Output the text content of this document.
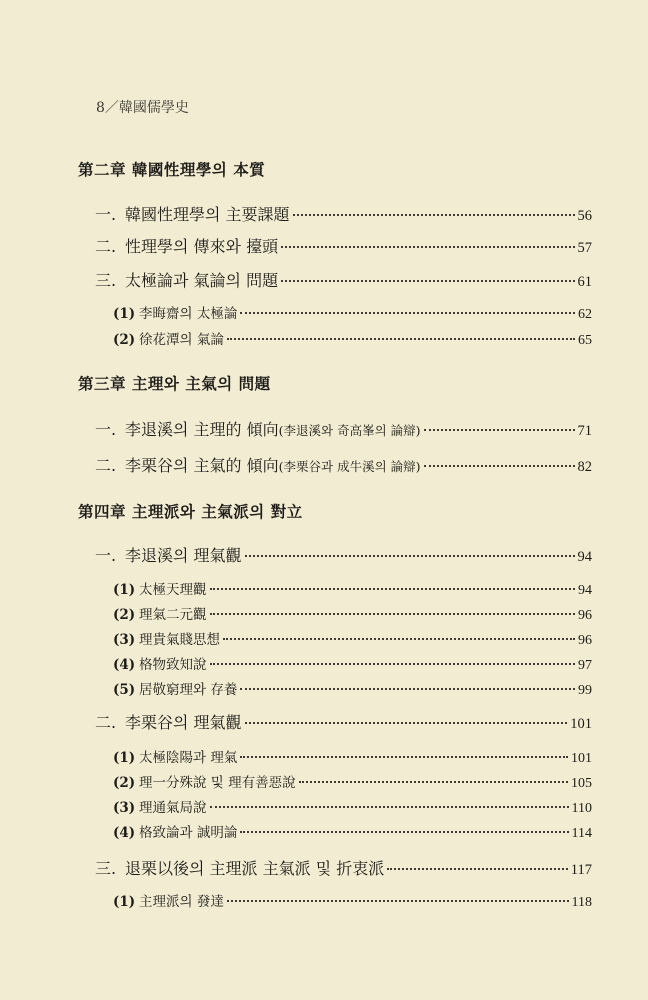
8／韓國儒學史
第二章 韓國性理學의 本質
一. 韓國性理學의 主要課題	56
二. 性理學의 傳來와 擡頭	57
三. 太極論과 氣論의 問題	61
(1) 李晦齋의 太極論	62
(2) 徐花潭의 氣論	65
第三章 主理와 主氣의 問題
一. 李退溪의 主理的 傾向(李退溪와 奇高峯의 論辯)	71
二. 李栗谷의 主氣的 傾向(李栗谷과 成牛溪의 論辯)	82
第四章 主理派와 主氣派의 對立
一. 李退溪의 理氣觀	94
(1) 太極天理觀	94
(2) 理氣二元觀	96
(3) 理貴氣賤思想	96
(4) 格物致知說	97
(5) 居敬窮理와 存養	99
二. 李栗谷의 理氣觀	101
(1) 太極陰陽과 理氣	101
(2) 理一分殊說 및 理有善惡說	105
(3) 理通氣局說	110
(4) 格致論과 誠明論	114
三. 退栗以後의 主理派 主氣派 및 折衷派	117
(1) 主理派의 發達	118
